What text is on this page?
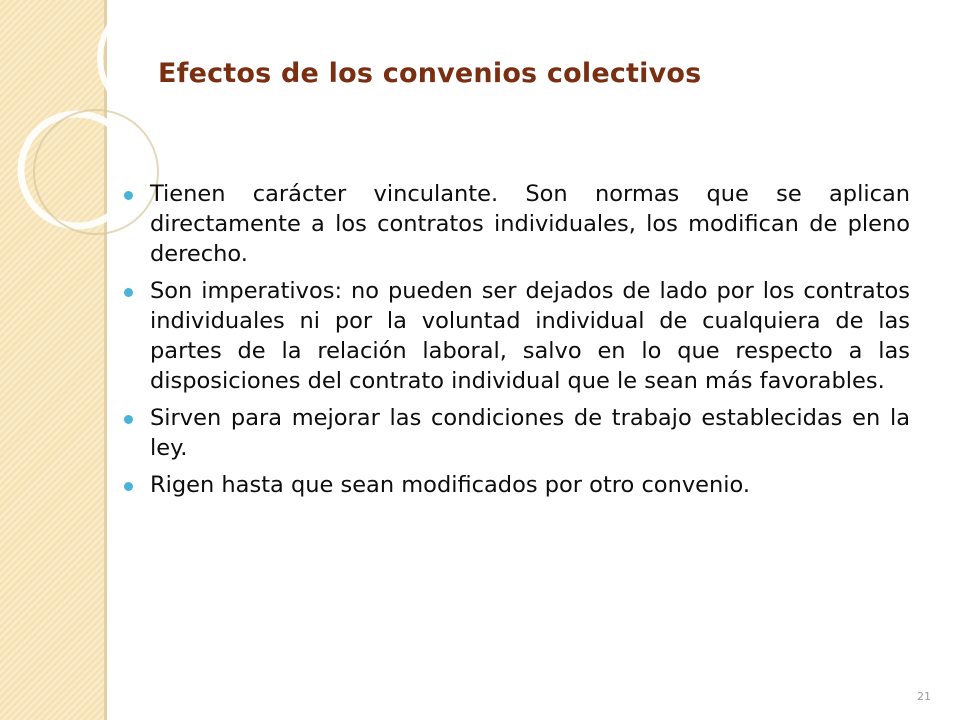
Efectos de los convenios colectivos
Tienen carácter vinculante. Son normas que se aplican directamente a los contratos individuales, los modifican de pleno derecho.
Son imperativos: no pueden ser dejados de lado por los contratos individuales ni por la voluntad individual de cualquiera de las partes de la relación laboral, salvo en lo que respecto a las disposiciones del contrato individual que le sean más favorables.
Sirven para mejorar las condiciones de trabajo establecidas en la ley.
Rigen hasta que sean modificados por otro convenio.
21
